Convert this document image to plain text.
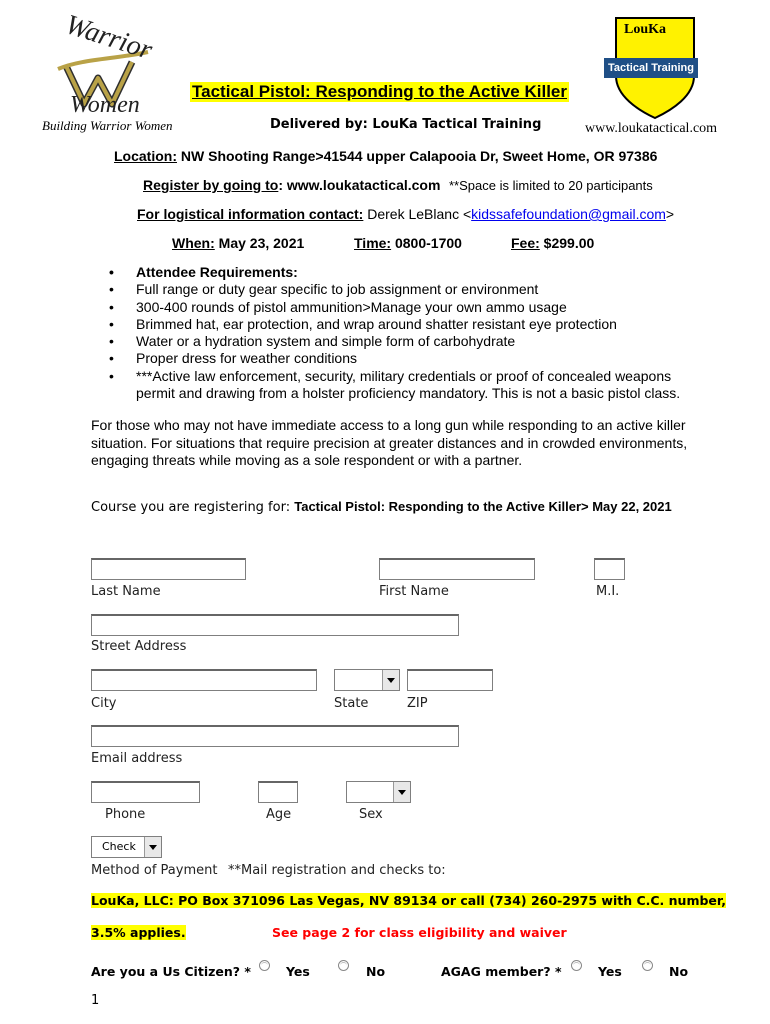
Warrior
Women
Building Warrior Women
LouKa
Tactical Training
Tactical Pistol: Responding to the Active Killer
Delivered by: LouKa Tactical Training	www.loukatactical.com
Location: NW Shooting Range>41544 upper Calapooia Dr, Sweet Home, OR 97386
Register by going to: www.loukatactical.com **Space is limited to 20 participants
For logistical information contact: Derek LeBlanc <kidssafefoundation@gmail.com>
When: May 23, 2021	Time: 0800-1700	Fee: $299.00
• Attendee Requirements:
• Full range or duty gear specific to job assignment or environment
• 300-400 rounds of pistol ammunition>Manage your own ammo usage
• Brimmed hat, ear protection, and wrap around shatter resistant eye protection
• Water or a hydration system and simple form of carbohydrate
• Proper dress for weather conditions
• ***Active law enforcement, security, military credentials or proof of concealed weapons permit and drawing from a holster proficiency mandatory. This is not a basic pistol class.
For those who may not have immediate access to a long gun while responding to an active killer situation. For situations that require precision at greater distances and in crowded environments, engaging threats while moving as a sole respondent or with a partner.
Course you are registering for: Tactical Pistol: Responding to the Active Killer> May 22, 2021
Last Name	First Name	M.I.
Street Address
City	State	ZIP
Email address
Phone	Age	Sex
Check
Method of Payment **Mail registration and checks to:
LouKa, LLC: PO Box 371096 Las Vegas, NV 89134 or call (734) 260-2975 with C.C. number,
3.5% applies.	See page 2 for class eligibility and waiver
Are you a Us Citizen? *	Yes	No	AGAG member? *	Yes	No
1
